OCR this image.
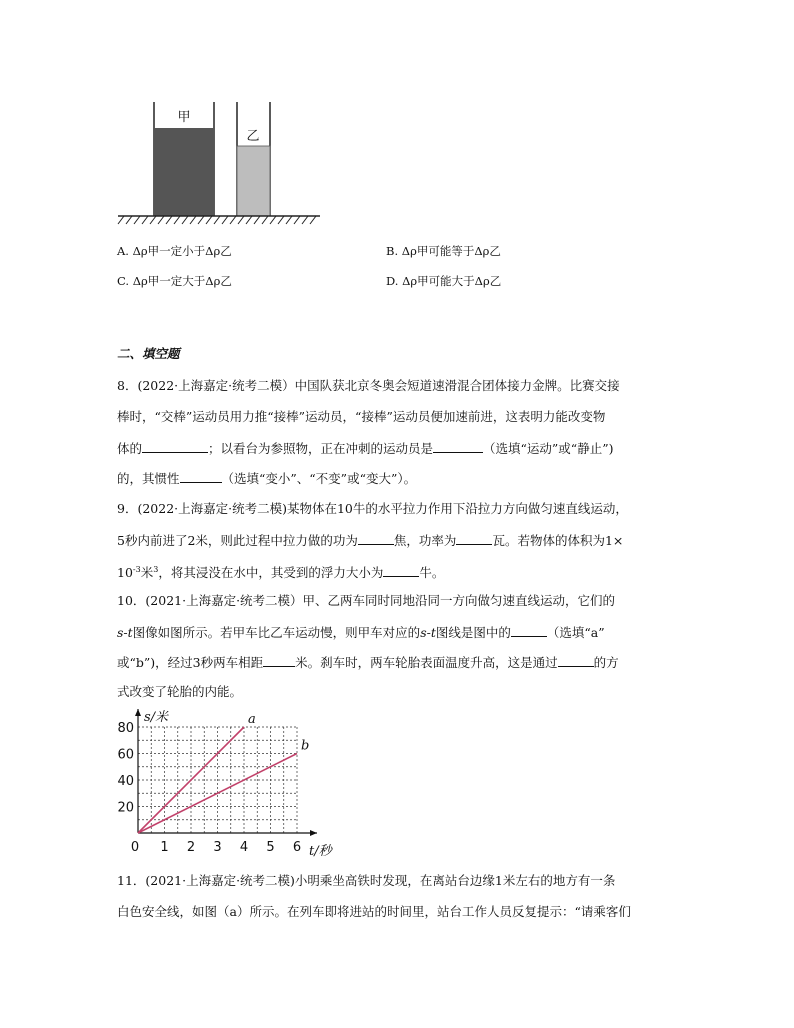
甲
乙
A. Δρ甲一定小于Δρ乙	B. Δρ甲可能等于Δρ乙
C. Δρ甲一定大于Δρ乙	D. Δρ甲可能大于Δρ乙
二、填空题
8．(2022·上海嘉定·统考二模）中国队获北京冬奥会短道速滑混合团体接力金牌。比赛交接
棒时，“交棒”运动员用力推“接棒”运动员，“接棒”运动员便加速前进，这表明力能改变物
体的	；以看台为参照物，正在冲刺的运动员是	（选填“运动”或“静止”)
的，其惯性	（选填“变小”、“不变”或“变大”）。
9．(2022·上海嘉定·统考二模)某物体在10牛的水平拉力作用下沿拉力方向做匀速直线运动，
5秒内前进了2米，则此过程中拉力做的功为	焦，功率为	瓦。若物体的体积为1×
$10^{-3}$米$^3$，将其浸没在水中，其受到的浮力大小为	牛。
10．(2021·上海嘉定·统考二模）甲、乙两车同时同地沿同一方向做匀速直线运动，它们的
s-t图像如图所示。若甲车比乙车运动慢，则甲车对应的s-t图线是图中的	（选填“a”
或“b”)，经过3秒两车相距	米。刹车时，两车轮胎表面温度升高，这是通过	的方
式改变了轮胎的内能。
0 1 2 3 4 5 6
20
40
60
80
s/米
t/秒
a
b
11．(2021·上海嘉定·统考二模)小明乘坐高铁时发现，在离站台边缘1米左右的地方有一条
白色安全线，如图（a）所示。在列车即将进站的时间里，站台工作人员反复提示：“请乘客们
